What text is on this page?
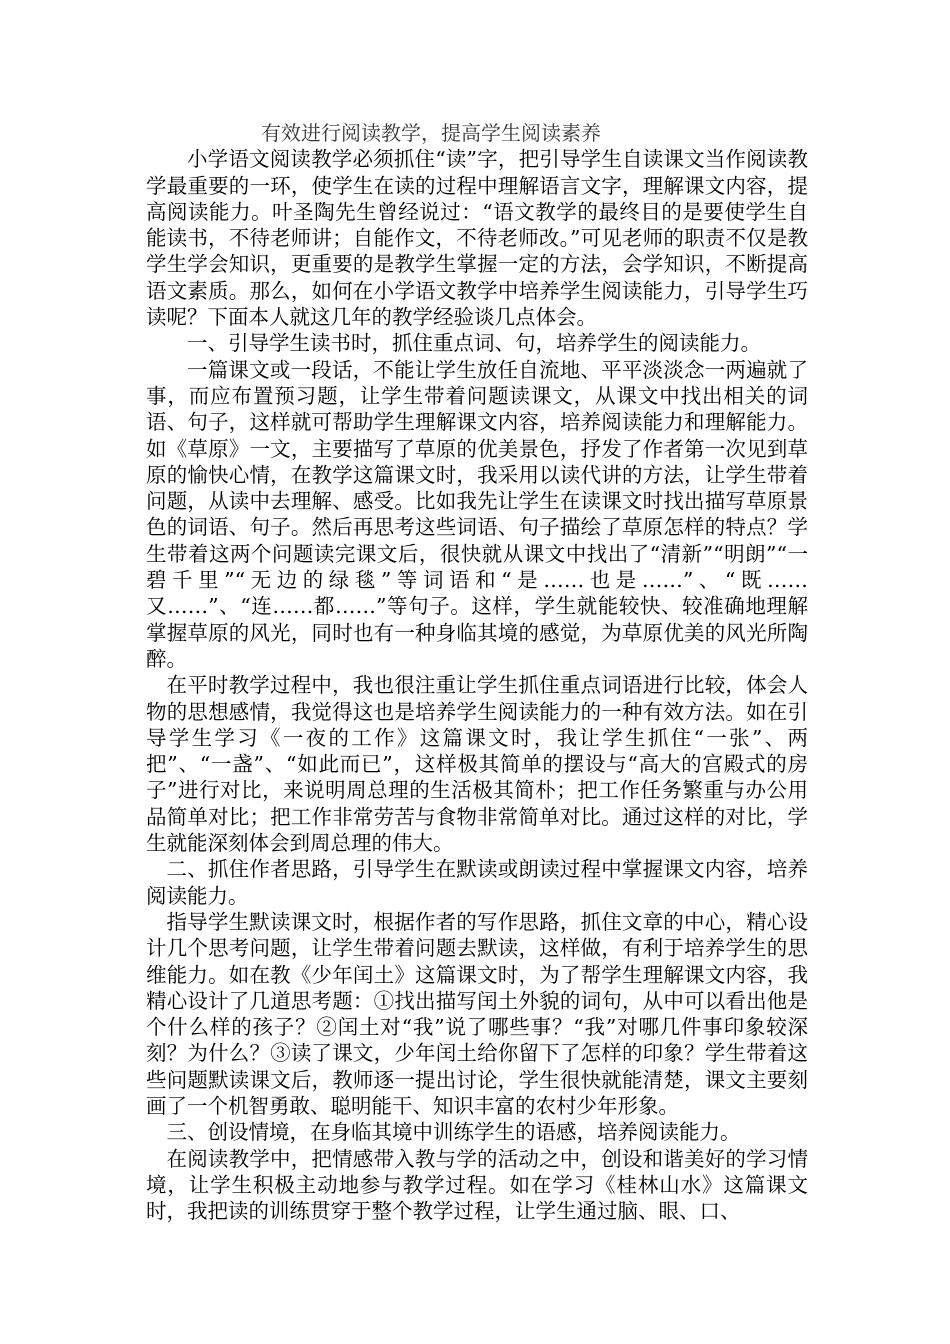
有效进行阅读教学，提高学生阅读素养

小学语文阅读教学必须抓住“读”字，把引导学生自读课文当作阅读教学最重要的一环，使学生在读的过程中理解语言文字，理解课文内容，提高阅读能力。叶圣陶先生曾经说过：“语文教学的最终目的是要使学生自能读书，不待老师讲；自能作文，不待老师改。”可见老师的职责不仅是教学生学会知识，更重要的是教学生掌握一定的方法，会学知识，不断提高语文素质。那么，如何在小学语文教学中培养学生阅读能力，引导学生巧读呢？下面本人就这几年的教学经验谈几点体会。

一、引导学生读书时，抓住重点词、句，培养学生的阅读能力。

一篇课文或一段话，不能让学生放任自流地、平平淡淡念一两遍就了事，而应布置预习题，让学生带着问题读课文，从课文中找出相关的词语、句子，这样就可帮助学生理解课文内容，培养阅读能力和理解能力。如《草原》一文，主要描写了草原的优美景色，抒发了作者第一次见到草原的愉快心情，在教学这篇课文时，我采用以读代讲的方法，让学生带着问题，从读中去理解、感受。比如我先让学生在读课文时找出描写草原景色的词语、句子。然后再思考这些词语、句子描绘了草原怎样的特点？学生带着这两个问题读完课文后，很快就从课文中找出了“清新”“明朗”“一碧千里”“无边的绿毯”等词语和“是……也是……”、“既……又……”、“连……都……”等句子。这样，学生就能较快、较准确地理解掌握草原的风光，同时也有一种身临其境的感觉，为草原优美的风光所陶醉。

在平时教学过程中，我也很注重让学生抓住重点词语进行比较，体会人物的思想感情，我觉得这也是培养学生阅读能力的一种有效方法。如在引导学生学习《一夜的工作》这篇课文时，我让学生抓住“一张”、两把”、“一盏”、“如此而已”，这样极其简单的摆设与“高大的宫殿式的房子”进行对比，来说明周总理的生活极其简朴；把工作任务繁重与办公用品简单对比；把工作非常劳苦与食物非常简单对比。通过这样的对比，学生就能深刻体会到周总理的伟大。

二、抓住作者思路，引导学生在默读或朗读过程中掌握课文内容，培养阅读能力。

指导学生默读课文时，根据作者的写作思路，抓住文章的中心，精心设计几个思考问题，让学生带着问题去默读，这样做，有利于培养学生的思维能力。如在教《少年闰土》这篇课文时，为了帮学生理解课文内容，我精心设计了几道思考题：①找出描写闰土外貌的词句，从中可以看出他是个什么样的孩子？②闰土对“我”说了哪些事？“我”对哪几件事印象较深刻？为什么？③读了课文，少年闰土给你留下了怎样的印象？学生带着这些问题默读课文后，教师逐一提出讨论，学生很快就能清楚，课文主要刻画了一个机智勇敢、聪明能干、知识丰富的农村少年形象。

三、创设情境，在身临其境中训练学生的语感，培养阅读能力。

在阅读教学中，把情感带入教与学的活动之中，创设和谐美好的学习情境，让学生积极主动地参与教学过程。如在学习《桂林山水》这篇课文时，我把读的训练贯穿于整个教学过程，让学生通过脑、眼、口、
